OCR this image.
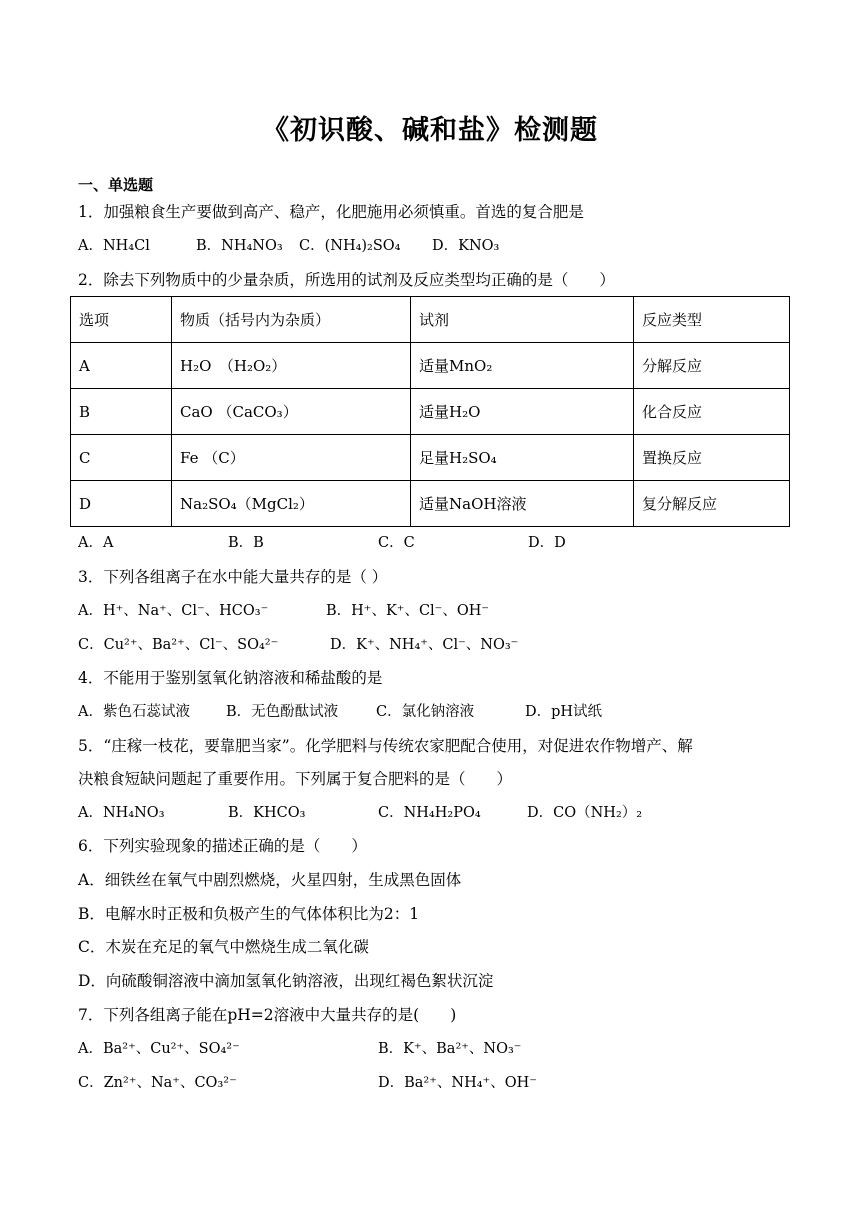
《初识酸、碱和盐》检测题
一、单选题
1．加强粮食生产要做到高产、稳产，化肥施用必须慎重。首选的复合肥是
A．NH₄Cl	B．NH₄NO₃ C．(NH₄)₂SO₄ D．KNO₃
2．除去下列物质中的少量杂质，所选用的试剂及反应类型均正确的是（　　）
选项	物质（括号内为杂质）	试剂	反应类型
A	H₂O　（H₂O₂）	适量MnO₂	分解反应
B	CaO （CaCO₃）	适量H₂O	化合反应
C	Fe （C）	足量H₂SO₄	置换反应
D	Na₂SO₄（MgCl₂）	适量NaOH溶液	复分解反应
A．A	B．B	C．C	D．D
3．下列各组离子在水中能大量共存的是（ ）
A．H⁺、Na⁺、Cl⁻、HCO₃⁻	B．H⁺、K⁺、Cl⁻、OH⁻
C．Cu²⁺、Ba²⁺、Cl⁻、SO₄²⁻	D．K⁺、NH₄⁺、Cl⁻、NO₃⁻
4．不能用于鉴别氢氧化钠溶液和稀盐酸的是
A．紫色石蕊试液 B．无色酚酞试液	C．氯化钠溶液	D．pH试纸
5．“庄稼一枝花，要靠肥当家”。化学肥料与传统农家肥配合使用，对促进农作物增产、解
决粮食短缺问题起了重要作用。下列属于复合肥料的是（　　）
A．NH₄NO₃	B．KHCO₃	C．NH₄H₂PO₄	D．CO（NH₂）₂
6．下列实验现象的描述正确的是（　　）
A．细铁丝在氧气中剧烈燃烧，火星四射，生成黑色固体
B．电解水时正极和负极产生的气体体积比为2：1
C．木炭在充足的氧气中燃烧生成二氧化碳
D．向硫酸铜溶液中滴加氢氧化钠溶液，出现红褐色絮状沉淀
7．下列各组离子能在pH=2溶液中大量共存的是(　　)
A．Ba²⁺、Cu²⁺、SO₄²⁻	B．K⁺、Ba²⁺、NO₃⁻
C．Zn²⁺、Na⁺、CO₃²⁻	D．Ba²⁺、NH₄⁺、OH⁻
